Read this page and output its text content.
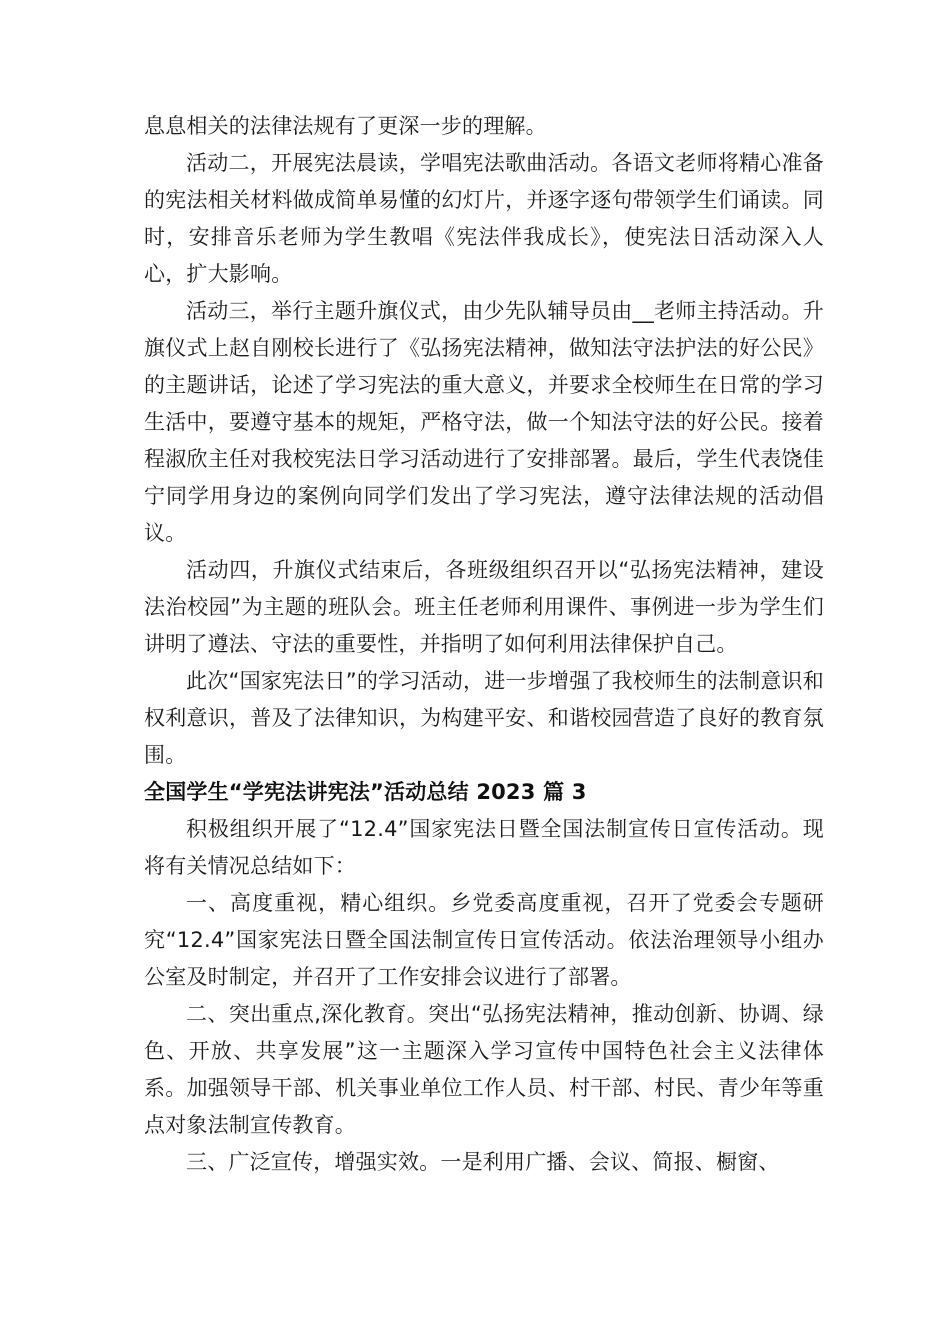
息息相关的法律法规有了更深一步的理解。

活动二，开展宪法晨读，学唱宪法歌曲活动。各语文老师将精心准备的宪法相关材料做成简单易懂的幻灯片，并逐字逐句带领学生们诵读。同时，安排音乐老师为学生教唱《宪法伴我成长》，使宪法日活动深入人心，扩大影响。

活动三，举行主题升旗仪式，由少先队辅导员由__老师主持活动。升旗仪式上赵自刚校长进行了《弘扬宪法精神，做知法守法护法的好公民》的主题讲话，论述了学习宪法的重大意义，并要求全校师生在日常的学习生活中，要遵守基本的规矩，严格守法，做一个知法守法的好公民。接着程淑欣主任对我校宪法日学习活动进行了安排部署。最后，学生代表饶佳宁同学用身边的案例向同学们发出了学习宪法，遵守法律法规的活动倡议。

活动四，升旗仪式结束后，各班级组织召开以“弘扬宪法精神，建设法治校园”为主题的班队会。班主任老师利用课件、事例进一步为学生们讲明了遵法、守法的重要性，并指明了如何利用法律保护自己。

此次“国家宪法日”的学习活动，进一步增强了我校师生的法制意识和权利意识，普及了法律知识，为构建平安、和谐校园营造了良好的教育氛围。

全国学生“学宪法讲宪法”活动总结 2023 篇 3

积极组织开展了“12.4”国家宪法日暨全国法制宣传日宣传活动。现将有关情况总结如下：

一、高度重视，精心组织。乡党委高度重视，召开了党委会专题研究“12.4”国家宪法日暨全国法制宣传日宣传活动。依法治理领导小组办公室及时制定，并召开了工作安排会议进行了部署。

二、突出重点,深化教育。突出“弘扬宪法精神，推动创新、协调、绿色、开放、共享发展”这一主题深入学习宣传中国特色社会主义法律体系。加强领导干部、机关事业单位工作人员、村干部、村民、青少年等重点对象法制宣传教育。

三、广泛宣传，增强实效。一是利用广播、会议、简报、橱窗、
